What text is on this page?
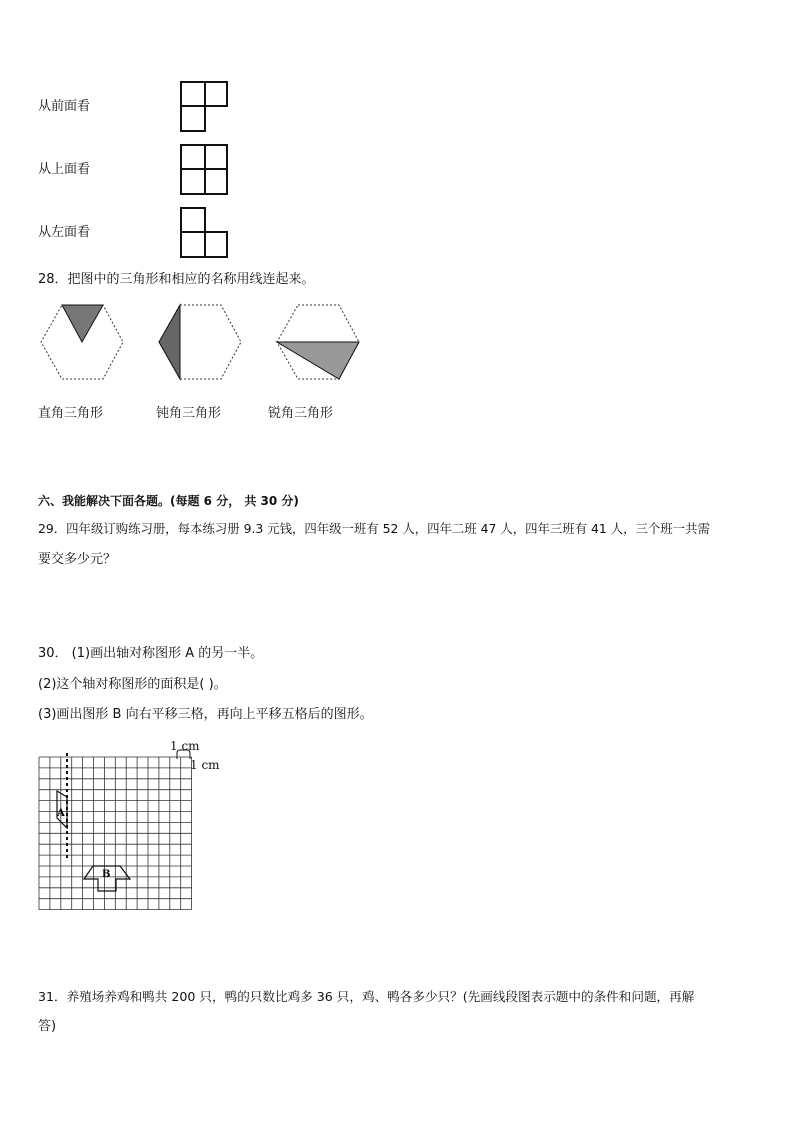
从前面看
从上面看
从左面看
28．把图中的三角形和相应的名称用线连起来。
直角三角形	钝角三角形	锐角三角形
六、我能解决下面各题。(每题 6 分， 共 30 分)
29．四年级订购练习册，每本练习册 9.3 元钱，四年级一班有 52 人，四年二班 47 人，四年三班有 41 人，三个班一共需
要交多少元？
30． (1)画出轴对称图形 A 的另一半。
(2)这个轴对称图形的面积是( )。
(3)画出图形 B 向右平移三格，再向上平移五格后的图形。
1 cm
1 cm
A
B
31．养殖场养鸡和鸭共 200 只，鸭的只数比鸡多 36 只，鸡、鸭各多少只？(先画线段图表示题中的条件和问题，再解
答)
